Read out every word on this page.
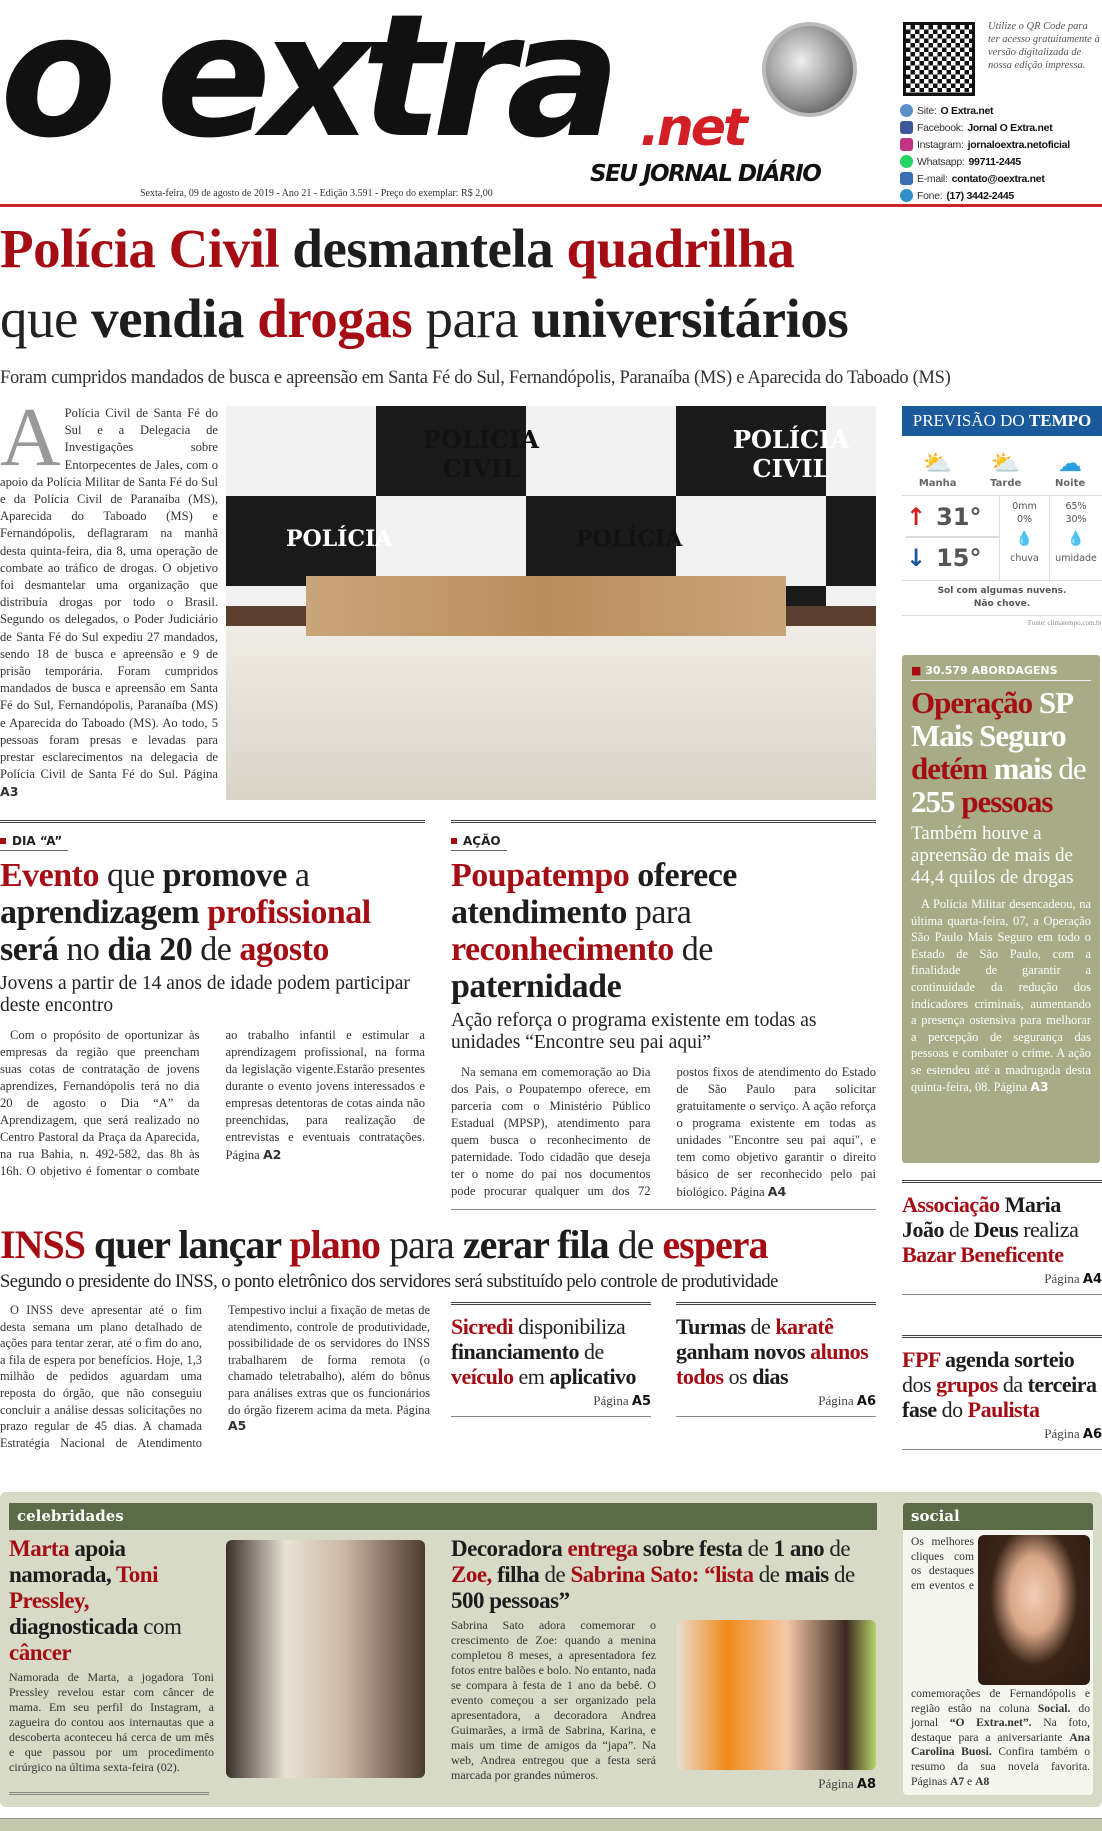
o extra .net
SEU JORNAL DIÁRIO
Sexta-feira, 09 de agosto de 2019 - Ano 21 - Edição 3.591 - Preço do exemplar: R$ 2,00
Utilize o QR Code para ter acesso gratuitamente à versão digitalizada de nossa edição impressa.
Site: O Extra.net
Facebook: Jornal O Extra.net
Instagram: jornaloextra.netoficial
Whatsapp: 99711-2445
E-mail: contato@oextra.net
Fone: (17) 3442-2445
Polícia Civil desmantela quadrilha
que vendia drogas para universitários
Foram cumpridos mandados de busca e apreensão em Santa Fé do Sul, Fernandópolis, Paranaíba (MS) e Aparecida do Taboado (MS)
A Polícia Civil de Santa Fé do Sul e a Delegacia de Investigações sobre Entorpecentes de Jales, com o apoio da Polícia Militar de Santa Fé do Sul e da Polícia Civil de Paranaíba (MS), Aparecida do Taboado (MS) e Fernandópolis, deflagraram na manhã desta quinta-feira, dia 8, uma operação de combate ao tráfico de drogas. O objetivo foi desmantelar uma organização que distribuía drogas por todo o Brasil. Segundo os delegados, o Poder Judiciário de Santa Fé do Sul expediu 27 mandados, sendo 18 de busca e apreensão e 9 de prisão temporária. Foram cumpridos mandados de busca e apreensão em Santa Fé do Sul, Fernandópolis, Paranaíba (MS) e Aparecida do Taboado (MS). Ao todo, 5 pessoas foram presas e levadas para prestar esclarecimentos na delegacia de Polícia Civil de Santa Fé do Sul. Página A3
POLÍCIA CIVIL
POLÍCIA CIVIL
POLÍCIA	POLÍCIA
PREVISÃO DO TEMPO
⛅
Manha
⛅
Tarde
☁
Noite
↑ 31°
↓ 15°
0mm
0%
💧
chuva
65%
30%
💧
umidade
Sol com algumas nuvens.
Não chove.
Fonte: climatempo.com.br
■ 30.579 ABORDAGENS
Operação SP Mais Seguro detém mais de 255 pessoas
Também houve a apreensão de mais de 44,4 quilos de drogas
A Polícia Militar desencadeou, na última quarta-feira, 07, a Operação São Paulo Mais Seguro em todo o Estado de São Paulo, com a finalidade de garantir a continuidade da redução dos indicadores criminais, aumentando a presença ostensiva para melhorar a percepção de segurança das pessoas e combater o crime. A ação se estendeu até a madrugada desta quinta-feira, 08. Página A3
Associação Maria João de Deus realiza Bazar Beneficente
Página A4
FPF agenda sorteio dos grupos da terceira fase do Paulista
Página A6
DIA “A”
Evento que promove a aprendizagem profissional será no dia 20 de agosto
Jovens a partir de 14 anos de idade podem participar deste encontro
Com o propósito de oportunizar às empresas da região que preencham suas cotas de contratação de jovens aprendizes, Fernandópolis terá no dia 20 de agosto o Dia “A” da Aprendizagem, que será realizado no Centro Pastoral da Praça da Aparecida, na rua Bahia, n. 492-582, das 8h às 16h. O objetivo é fomentar o combate ao trabalho infantil e estimular a aprendizagem profissional, na forma da legislação vigente.Estarão presentes durante o evento jovens interessados e empresas detentoras de cotas ainda não preenchidas, para realização de entrevistas e eventuais contratações. Página A2
AÇÃO
Poupatempo oferece atendimento para reconhecimento de paternidade
Ação reforça o programa existente em todas as unidades “Encontre seu pai aqui”
Na semana em comemoração ao Dia dos Pais, o Poupatempo oferece, em parceria com o Ministério Público Estadual (MPSP), atendimento para quem busca o reconhecimento de paternidade. Todo cidadão que deseja ter o nome do pai nos documentos pode procurar qualquer um dos 72 postos fixos de atendimento do Estado de São Paulo para solicitar gratuitamente o serviço. A ação reforça o programa existente em todas as unidades "Encontre seu pai aqui", e tem como objetivo garantir o direito básico de ser reconhecido pelo pai biológico. Página A4
INSS quer lançar plano para zerar fila de espera
Segundo o presidente do INSS, o ponto eletrônico dos servidores será substituído pelo controle de produtividade
O INSS deve apresentar até o fim desta semana um plano detalhado de ações para tentar zerar, até o fim do ano, a fila de espera por benefícios. Hoje, 1,3 milhão de pedidos aguardam uma reposta do órgão, que não conseguiu concluir a análise dessas solicitações no prazo regular de 45 dias. A chamada Estratégia Nacional de Atendimento Tempestivo inclui a fixação de metas de atendimento, controle de produtividade, possibilidade de os servidores do INSS trabalharem de forma remota (o chamado teletrabalho), além do bônus para análises extras que os funcionários do órgão fizerem acima da meta. Página A5
Sicredi disponibiliza financiamento de veículo em aplicativo
Página A5
Turmas de karatê ganham novos alunos todos os dias
Página A6
celebridades
Marta apoia namorada, Toni Pressley, diagnosticada com câncer
Namorada de Marta, a jogadora Toni Pressley revelou estar com câncer de mama. Em seu perfil do Instagram, a zagueira do contou aos internautas que a descoberta aconteceu há cerca de um mês e que passou por um procedimento cirúrgico na última sexta-feira (02).
Decoradora entrega sobre festa de 1 ano de Zoe, filha de Sabrina Sato: “lista de mais de 500 pessoas”
Sabrina Sato adora comemorar o crescimento de Zoe: quando a menina completou 8 meses, a apresentadora fez fotos entre balões e bolo. No entanto, nada se compara à festa de 1 ano da bebê. O evento começou a ser organizado pela apresentadora, a decoradora Andrea Guimarães, a irmã de Sabrina, Karina, e mais um time de amigos da “japa”. Na web, Andrea entregou que a festa será marcada por grandes números.
Página A8
social
Os melhores cliques com os destaques em eventos e comemorações de Fernandópolis e região estão na coluna Social. do jornal “O Extra.net”. Na foto, destaque para a aniversariante Ana Carolina Buosi. Confira também o resumo da sua novela favorita. Páginas A7 e A8
